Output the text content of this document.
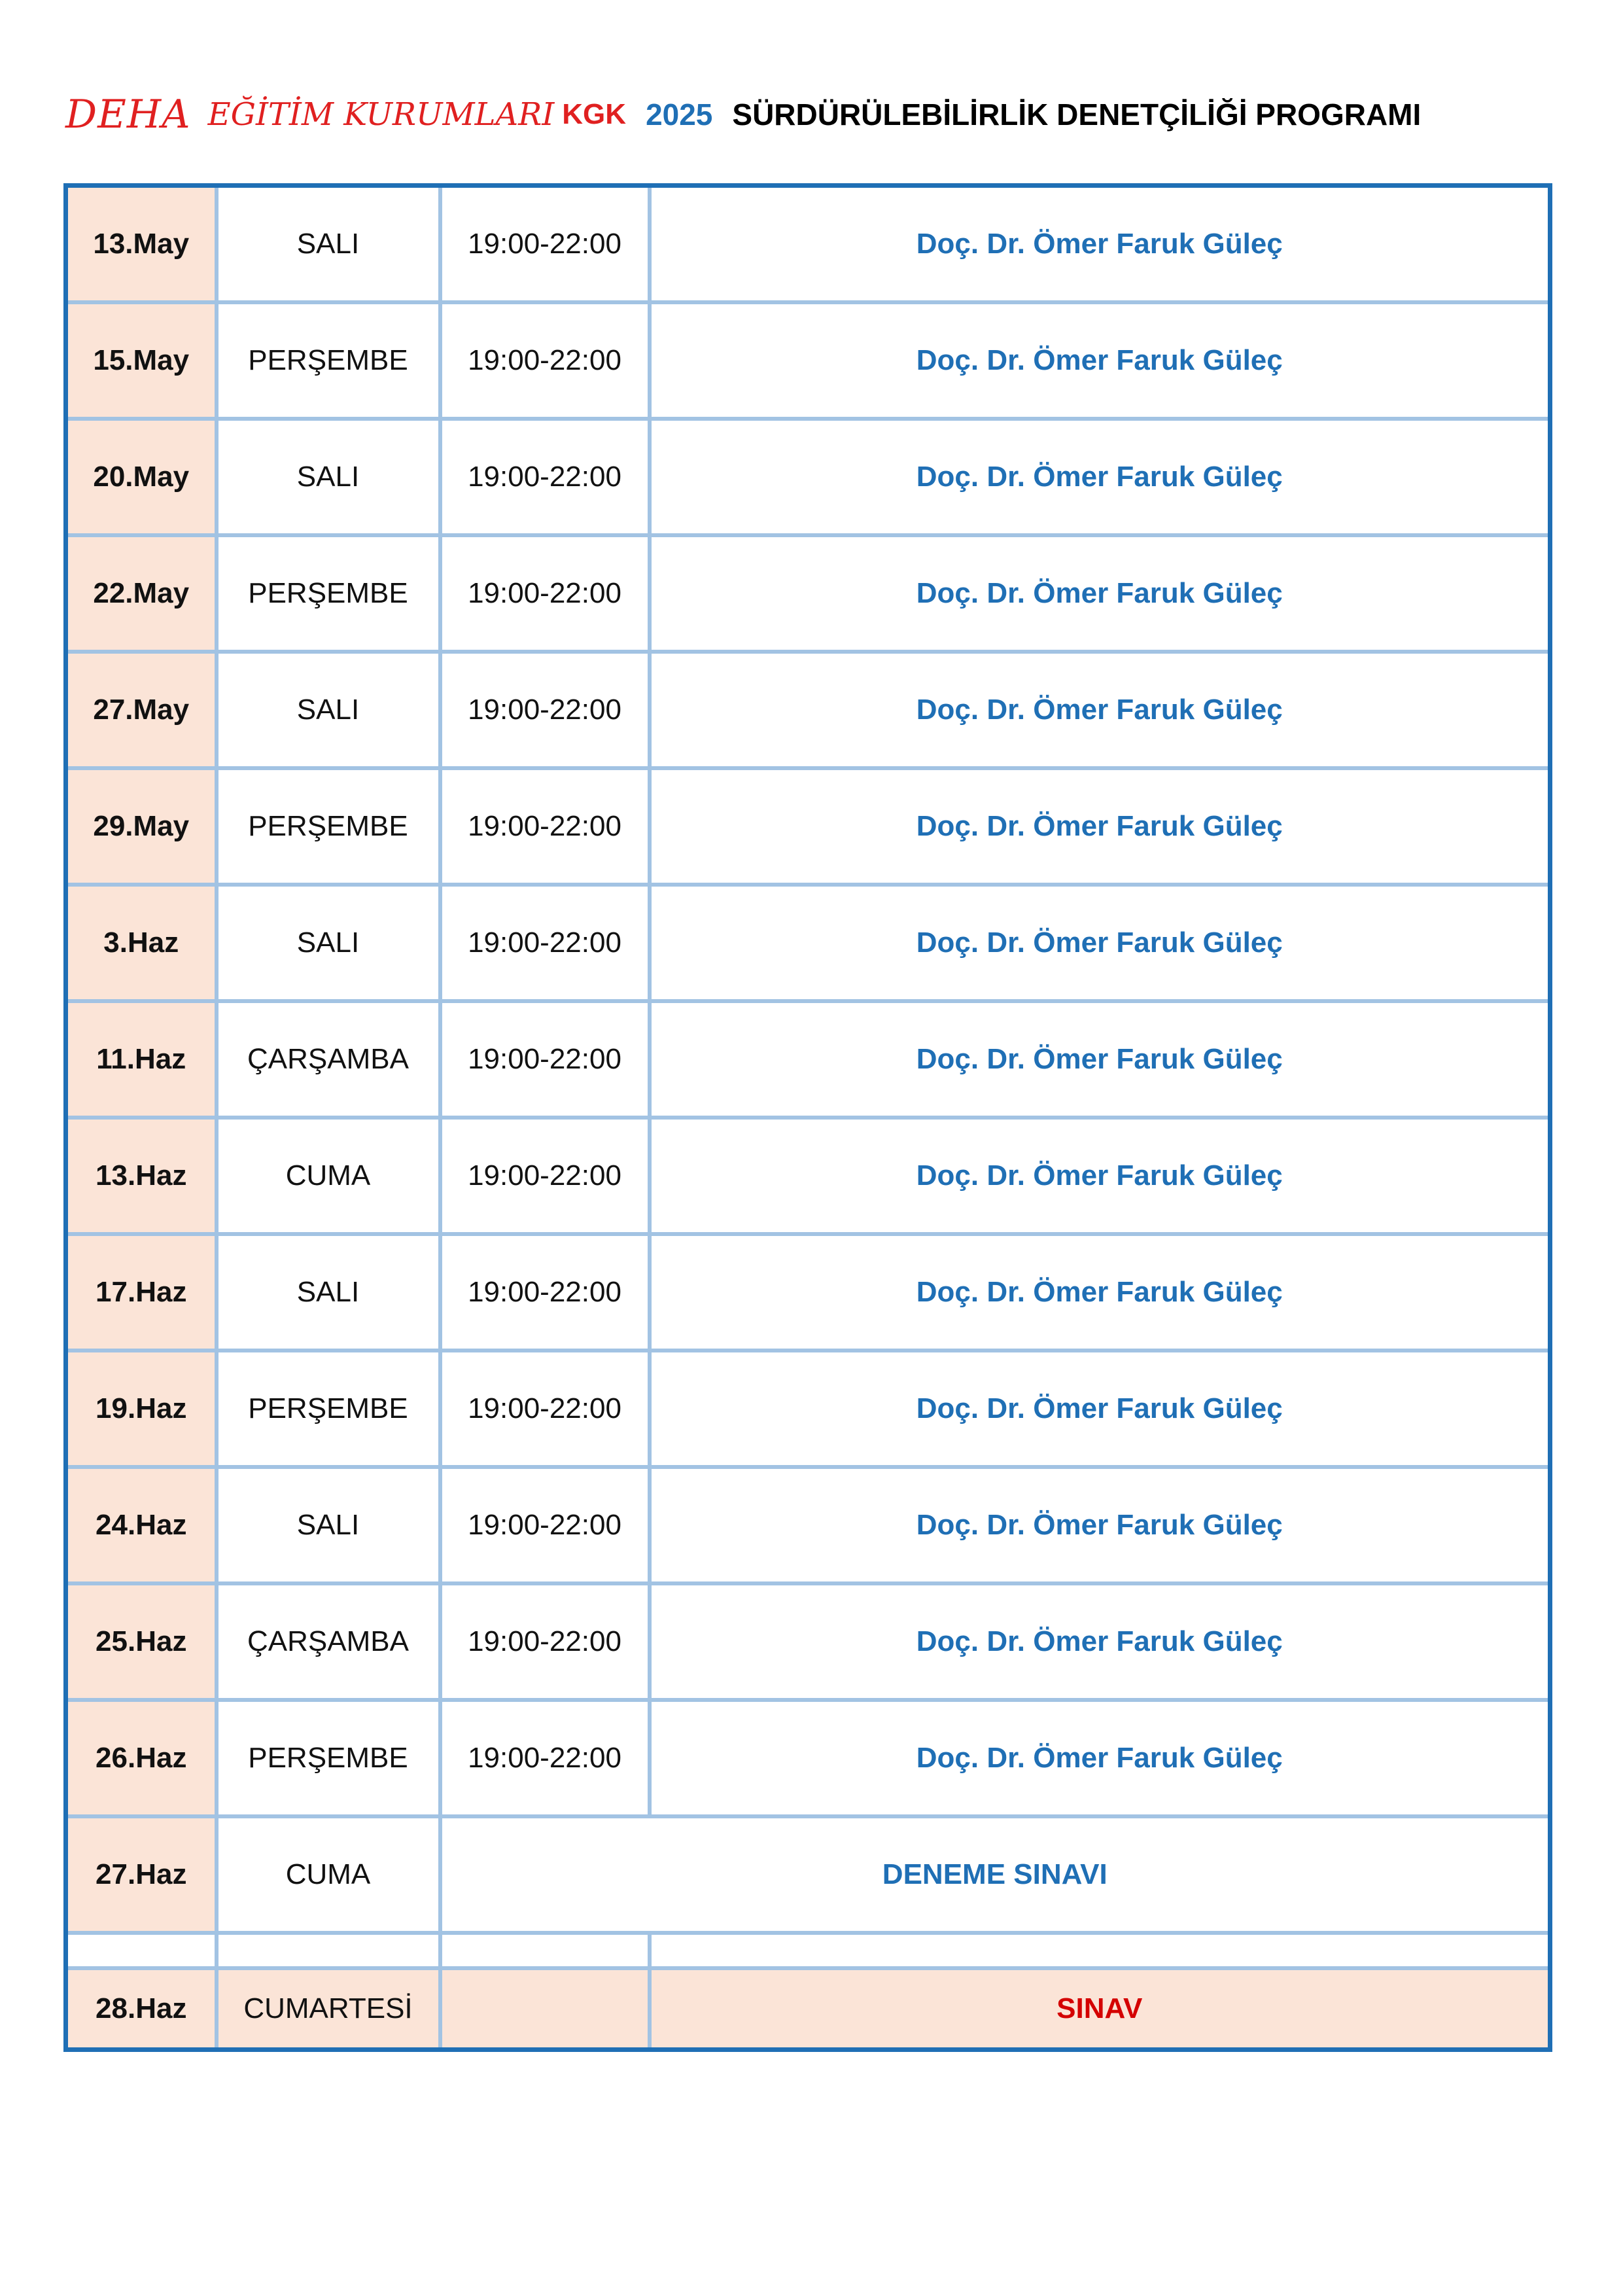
DEHA EĞİTİM KURUMLARI KGK 2025 SÜRDÜRÜLEBİLİRLİK DENETÇİLİĞİ PROGRAMI
13.May	SALI	19:00-22:00	Doç. Dr. Ömer Faruk Güleç
15.May	PERŞEMBE	19:00-22:00	Doç. Dr. Ömer Faruk Güleç
20.May	SALI	19:00-22:00	Doç. Dr. Ömer Faruk Güleç
22.May	PERŞEMBE	19:00-22:00	Doç. Dr. Ömer Faruk Güleç
27.May	SALI	19:00-22:00	Doç. Dr. Ömer Faruk Güleç
29.May	PERŞEMBE	19:00-22:00	Doç. Dr. Ömer Faruk Güleç
3.Haz	SALI	19:00-22:00	Doç. Dr. Ömer Faruk Güleç
11.Haz	ÇARŞAMBA	19:00-22:00	Doç. Dr. Ömer Faruk Güleç
13.Haz	CUMA	19:00-22:00	Doç. Dr. Ömer Faruk Güleç
17.Haz	SALI	19:00-22:00	Doç. Dr. Ömer Faruk Güleç
19.Haz	PERŞEMBE	19:00-22:00	Doç. Dr. Ömer Faruk Güleç
24.Haz	SALI	19:00-22:00	Doç. Dr. Ömer Faruk Güleç
25.Haz	ÇARŞAMBA	19:00-22:00	Doç. Dr. Ömer Faruk Güleç
26.Haz	PERŞEMBE	19:00-22:00	Doç. Dr. Ömer Faruk Güleç
27.Haz	CUMA	DENEME SINAVI	

28.Haz	CUMARTESİ		SINAV
